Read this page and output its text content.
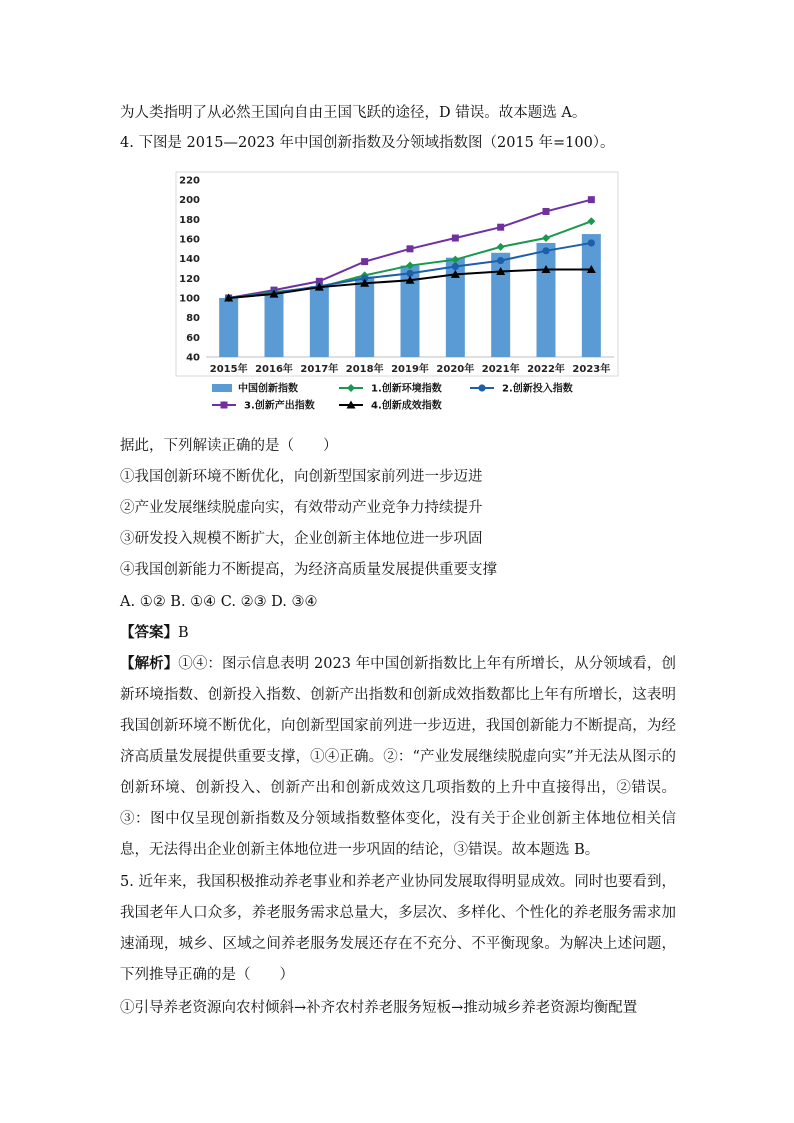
为人类指明了从必然王国向自由王国飞跃的途径，D 错误。故本题选 A。
4. 下图是 2015—2023 年中国创新指数及分领域指数图（2015 年=100）。
40
60
80
100
120
140
160
180
200
220
2015年 2016年 2017年 2018年 2019年 2020年 2021年 2022年 2023年
中国创新指数	1.创新环境指数	2.创新投入指数
3.创新产出指数	4.创新成效指数
据此，下列解读正确的是（　　）
①我国创新环境不断优化，向创新型国家前列进一步迈进
②产业发展继续脱虚向实，有效带动产业竞争力持续提升
③研发投入规模不断扩大，企业创新主体地位进一步巩固
④我国创新能力不断提高，为经济高质量发展提供重要支撑
A. ①② B. ①④ C. ②③ D. ③④
【答案】B
【解析】①④：图示信息表明 2023 年中国创新指数比上年有所增长，从分领域看，创新环境指数、创新投入指数、创新产出指数和创新成效指数都比上年有所增长，这表明我国创新环境不断优化，向创新型国家前列进一步迈进，我国创新能力不断提高，为经济高质量发展提供重要支撑，①④正确。②：“产业发展继续脱虚向实”并无法从图示的创新环境、创新投入、创新产出和创新成效这几项指数的上升中直接得出，②错误。③：图中仅呈现创新指数及分领域指数整体变化，没有关于企业创新主体地位相关信息，无法得出企业创新主体地位进一步巩固的结论，③错误。故本题选 B。
5. 近年来，我国积极推动养老事业和养老产业协同发展取得明显成效。同时也要看到，我国老年人口众多，养老服务需求总量大，多层次、多样化、个性化的养老服务需求加速涌现，城乡、区域之间养老服务发展还存在不充分、不平衡现象。为解决上述问题，下列推导正确的是（　　）
①引导养老资源向农村倾斜→补齐农村养老服务短板→推动城乡养老资源均衡配置
